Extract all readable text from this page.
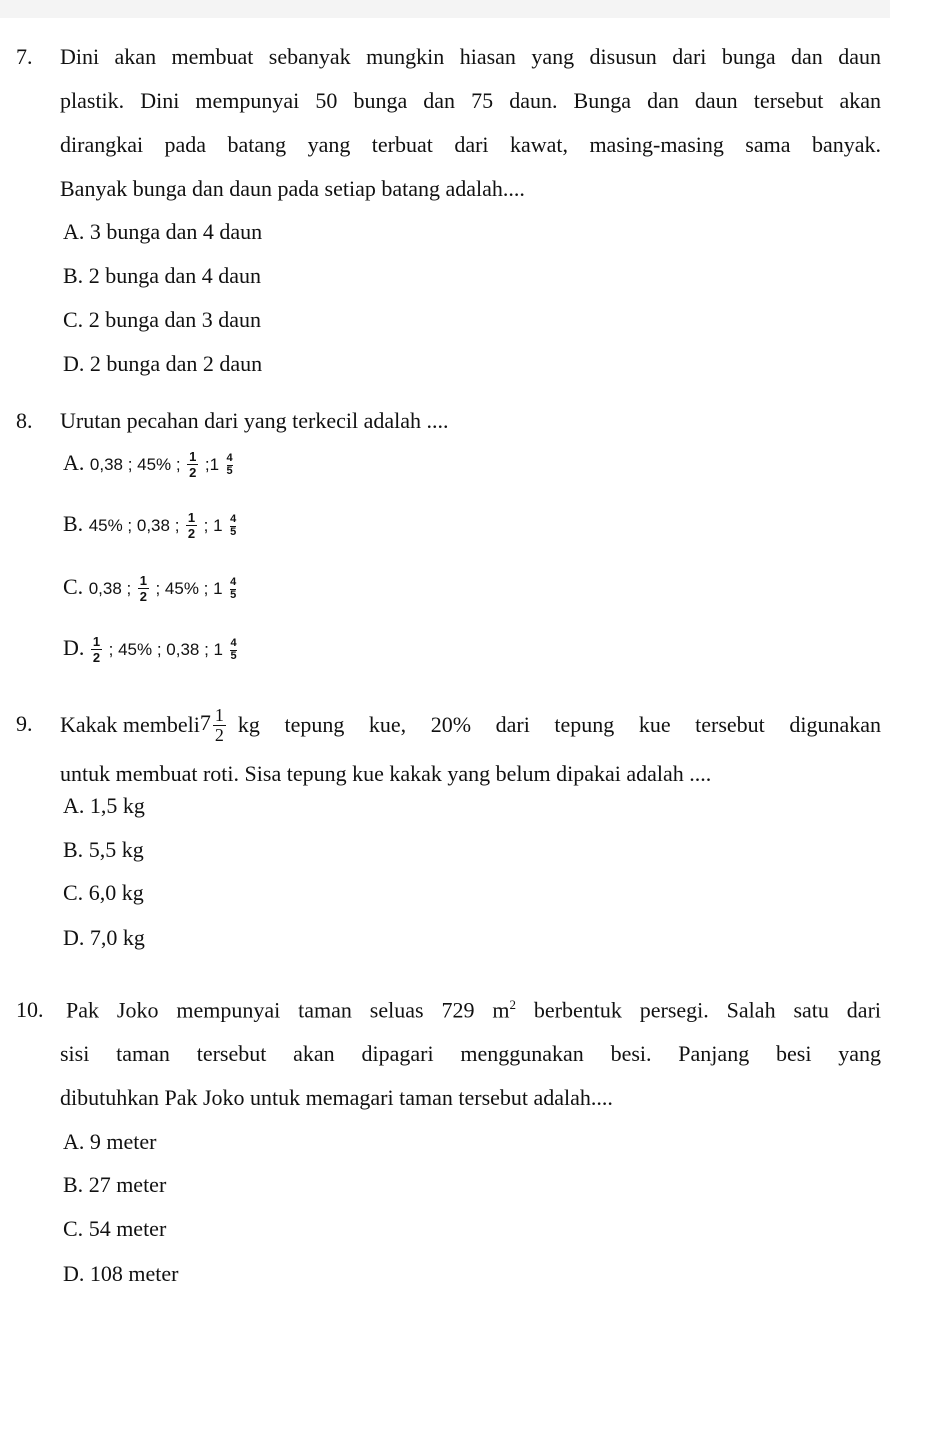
7. Dini akan membuat sebanyak mungkin hiasan yang disusun dari bunga dan daun
plastik. Dini mempunyai 50 bunga dan 75 daun. Bunga dan daun tersebut akan
dirangkai pada batang yang terbuat dari kawat, masing-masing sama banyak.
Banyak bunga dan daun pada setiap batang adalah....
A. 3 bunga dan 4 daun
B. 2 bunga dan 4 daun
C. 2 bunga dan 3 daun
D. 2 bunga dan 2 daun
8. Urutan pecahan dari yang terkecil adalah ....
A. 0,38 ; 45% ; $\frac{1}{2}$ ;1 $\frac{4}{5}$
B. 45% ; 0,38 ; $\frac{1}{2}$ ; $1 \frac{4}{5}$
C. 0,38 ; $\frac{1}{2}$ ; 45% ; $1 \frac{4}{5}$
D. $\frac{1}{2}$ ; 45% ; 0,38 ; $1 \frac{4}{5}$
9. Kakak membeli $7 \frac{1}{2}$ kg tepung kue, 20% dari tepung kue tersebut digunakan
untuk membuat roti. Sisa tepung kue kakak yang belum dipakai adalah ....
A. 1,5 kg
B. 5,5 kg
C. 6,0 kg
D. 7,0 kg
10. Pak Joko mempunyai taman seluas 729 $m^2$ berbentuk persegi. Salah satu dari
sisi taman tersebut akan dipagari menggunakan besi. Panjang besi yang
dibutuhkan Pak Joko untuk memagari taman tersebut adalah....
A. 9 meter
B. 27 meter
C. 54 meter
D. 108 meter
